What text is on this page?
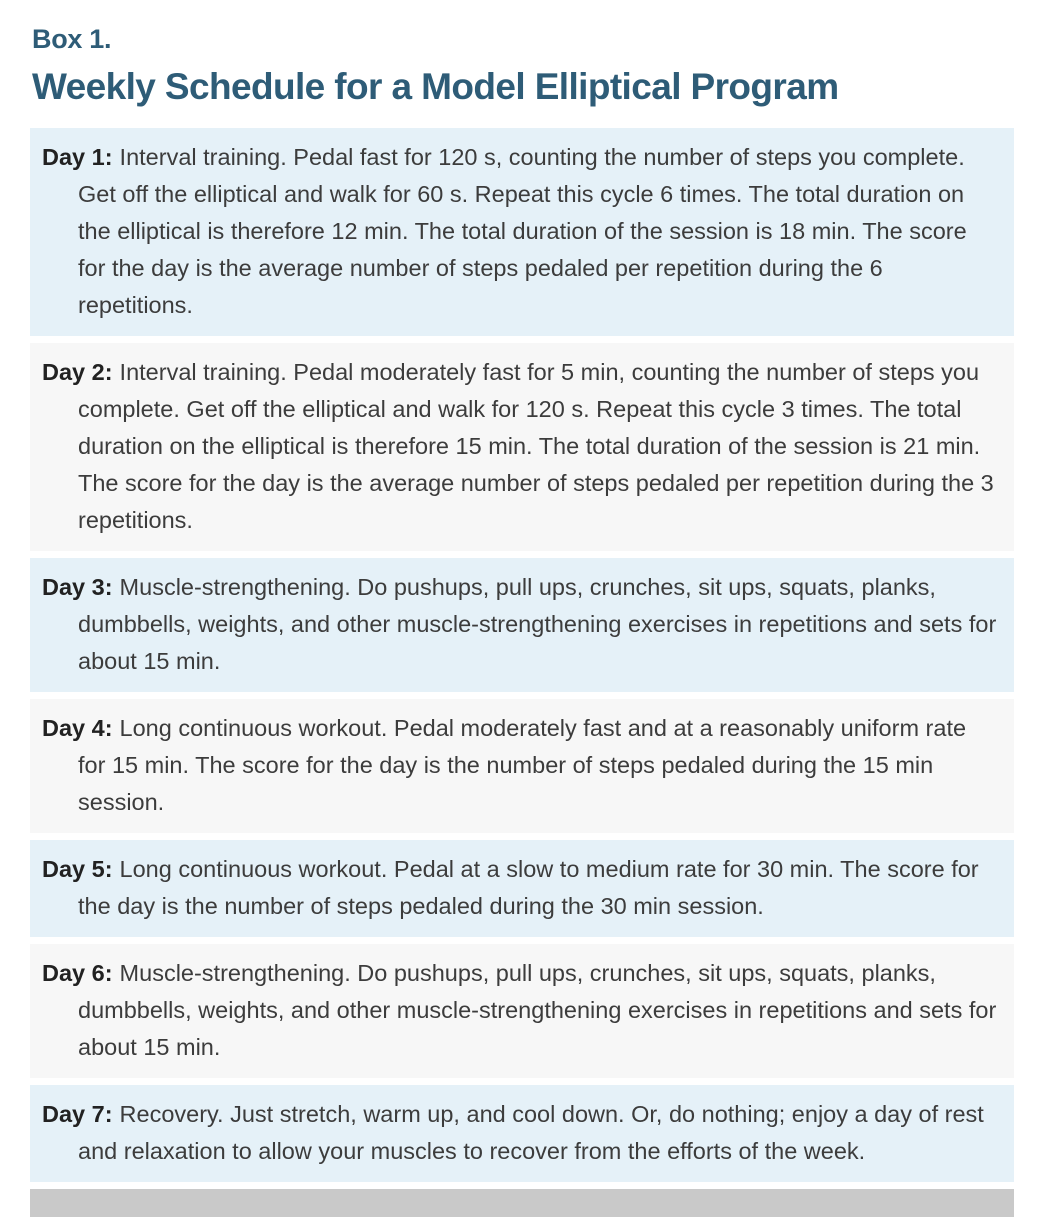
Box 1.
Weekly Schedule for a Model Elliptical Program

Day 1: Interval training. Pedal fast for 120 s, counting the number of steps you complete. Get off the elliptical and walk for 60 s. Repeat this cycle 6 times. The total duration on the elliptical is therefore 12 min. The total duration of the session is 18 min. The score for the day is the average number of steps pedaled per repetition during the 6 repetitions.

Day 2: Interval training. Pedal moderately fast for 5 min, counting the number of steps you complete. Get off the elliptical and walk for 120 s. Repeat this cycle 3 times. The total duration on the elliptical is therefore 15 min. The total duration of the session is 21 min. The score for the day is the average number of steps pedaled per repetition during the 3 repetitions.

Day 3: Muscle-strengthening. Do pushups, pull ups, crunches, sit ups, squats, planks, dumbbells, weights, and other muscle-strengthening exercises in repetitions and sets for about 15 min.

Day 4: Long continuous workout. Pedal moderately fast and at a reasonably uniform rate for 15 min. The score for the day is the number of steps pedaled during the 15 min session.

Day 5: Long continuous workout. Pedal at a slow to medium rate for 30 min. The score for the day is the number of steps pedaled during the 30 min session.

Day 6: Muscle-strengthening. Do pushups, pull ups, crunches, sit ups, squats, planks, dumbbells, weights, and other muscle-strengthening exercises in repetitions and sets for about 15 min.

Day 7: Recovery. Just stretch, warm up, and cool down. Or, do nothing; enjoy a day of rest and relaxation to allow your muscles to recover from the efforts of the week.
